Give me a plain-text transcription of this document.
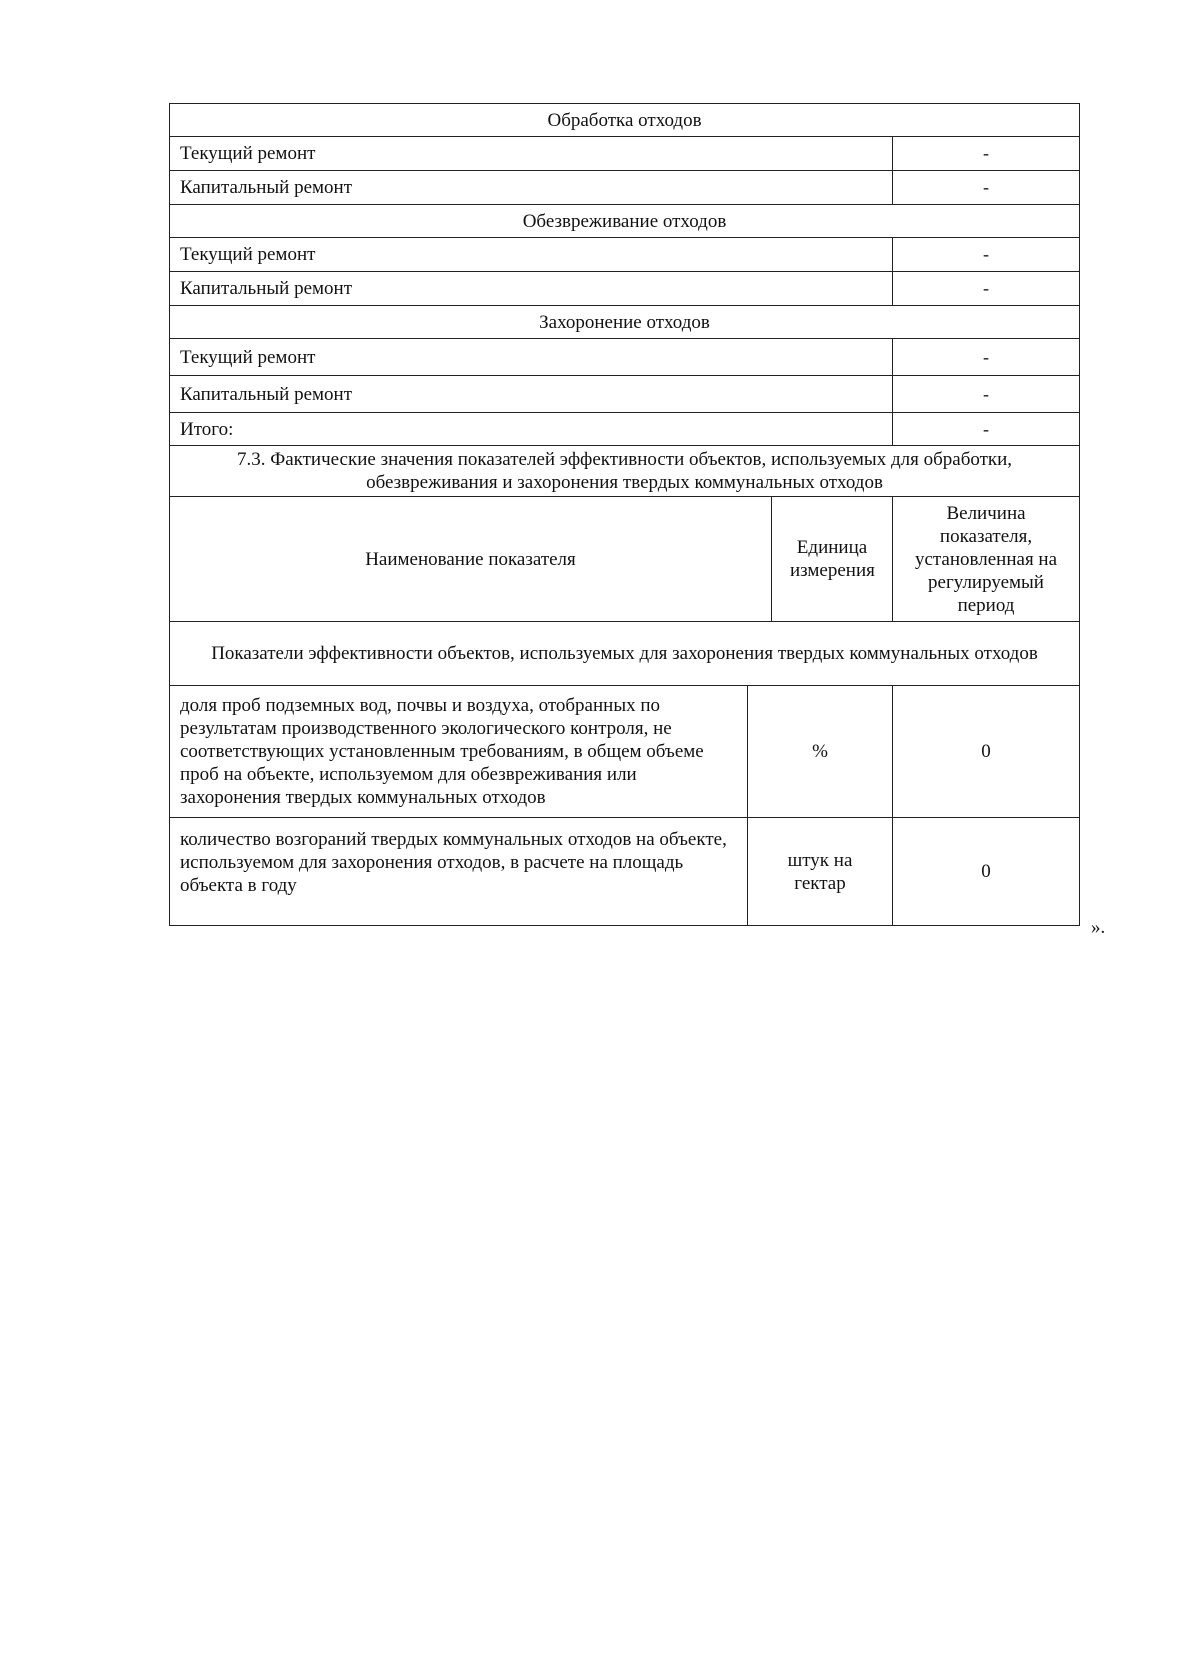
Обработка отходов			
Текущий ремонт			-
Капитальный ремонт			-
Обезвреживание отходов			
Текущий ремонт			-
Капитальный ремонт			-
Захоронение отходов			
Текущий ремонт			-
Капитальный ремонт			-
Итого:			-
7.3. Фактические значения показателей эффективности объектов, используемых для обработки, обезвреживания и захоронения твердых коммунальных отходов			
Наименование показателя		Единица измерения	Величина показателя, установленная на регулируемый период
Показатели эффективности объектов, используемых для захоронения твердых коммунальных отходов			
доля проб подземных вод, почвы и воздуха, отобранных по результатам производственного экологического контроля, не соответствующих установленным требованиям, в общем объеме проб на объекте, используемом для обезвреживания или захоронения твердых коммунальных отходов	%		0
количество возгораний твердых коммунальных отходов на объекте, используемом для захоронения отходов, в расчете на площадь объекта в году	штук на гектар		0
».
